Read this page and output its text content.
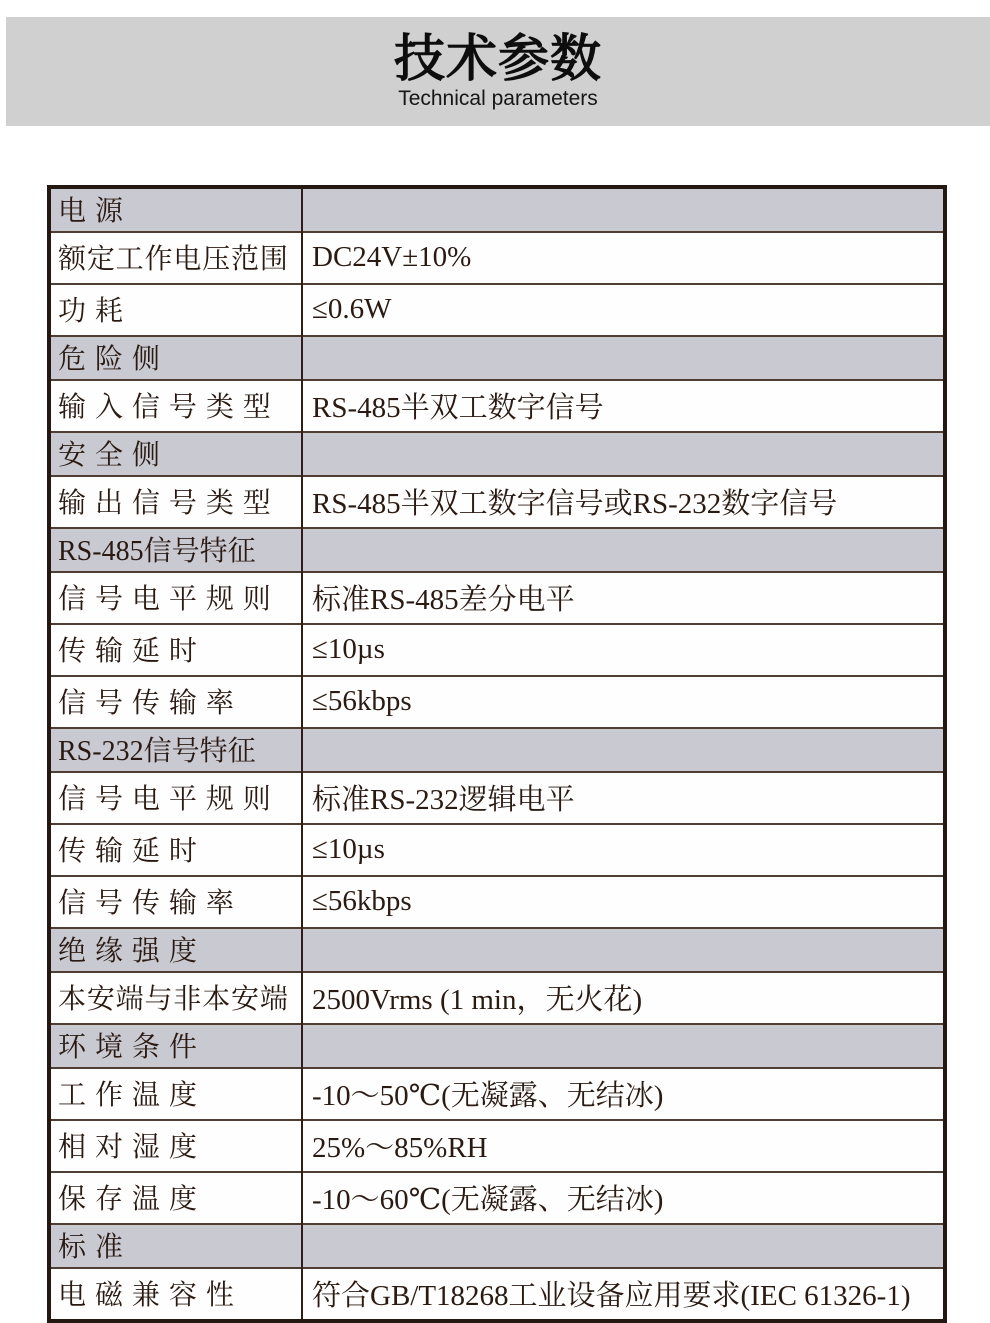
技术参数
Technical parameters
电源	
额定工作电压范围	DC24V±10%
功耗	≤0.6W
危险侧	
输入信号类型	RS-485半双工数字信号
安全侧	
输出信号类型	RS-485半双工数字信号或RS-232数字信号
RS-485信号特征	
信号电平规则	标准RS-485差分电平
传输延时	≤10µs
信号传输率	≤56kbps
RS-232信号特征	
信号电平规则	标准RS-232逻辑电平
传输延时	≤10µs
信号传输率	≤56kbps
绝缘强度	
本安端与非本安端	2500Vrms (1 min，无火花)
环境条件	
工作温度	-10～50℃(无凝露、无结冰)
相对湿度	25%～85%RH
保存温度	-10～60℃(无凝露、无结冰)
标准	
电磁兼容性	符合GB/T18268工业设备应用要求(IEC 61326-1)
